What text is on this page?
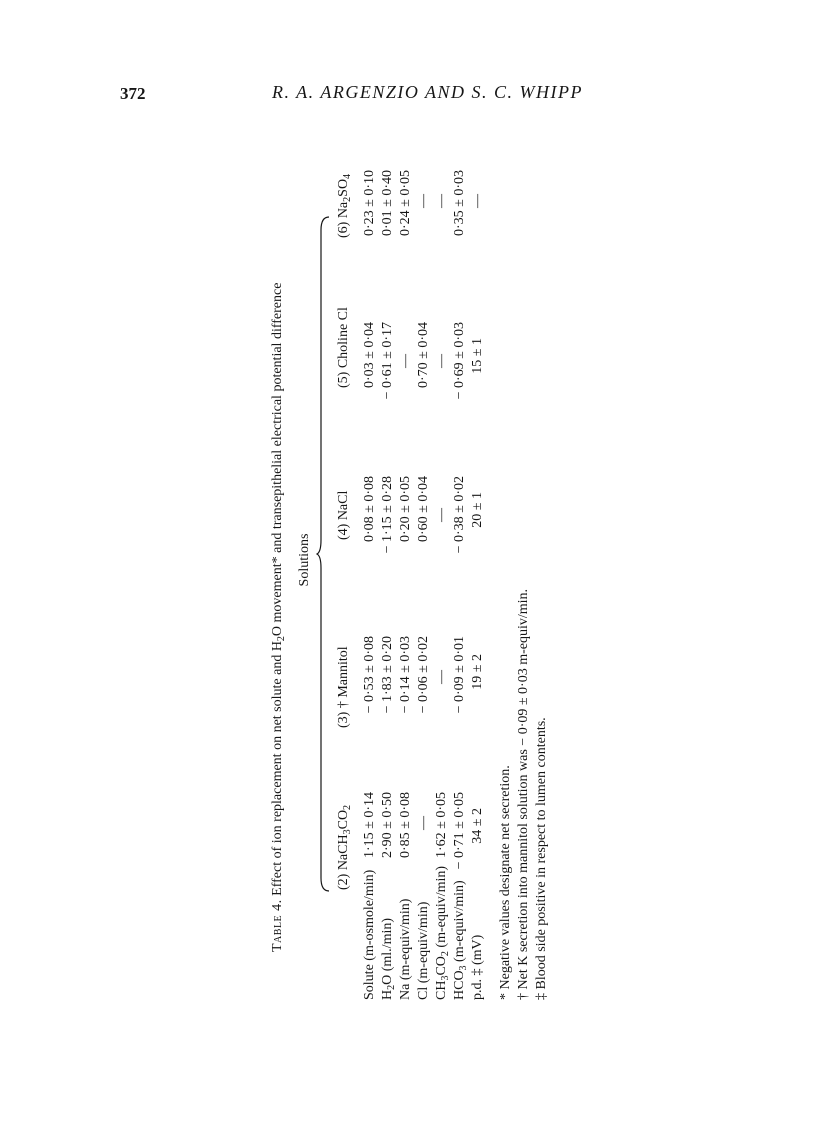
372	R. A. ARGENZIO AND S. C. WHIPP
Table 4. Effect of ion replacement on net solute and $H_2O$ movement* and transepithelial electrical potential difference Solutions
(2) $NaCH_3CO_2$
(3) † Mannitol
(4) NaCl
(5) Choline Cl
(6) $Na_2SO_4$
Solute (m-osmole/min) $H_2O$ (ml./min) Na (m-equiv/min) Cl (m-equiv/min) $CH_3CO_2$ (m-equiv/min)
$HCO_3$ (m-equiv/min)
p.d. ‡ (mV)
1·15 ± 0·14
− 0·53 ± 0·08
0·08 ± 0·08
0·03 ± 0·04
0·23 ± 0·10
2·90 ± 0·50
− 1·83 ± 0·20
− 1·15 ± 0·28
− 0·61 ± 0·17
0·01 ± 0·40
0·85 ± 0·08
− 0·14 ± 0·03
0·20 ± 0·05
—
0·24 ± 0·05
—
− 0·06 ± 0·02
0·60 ± 0·04
0·70 ± 0·04
—
1·62 ± 0·05
—
—
—
—
− 0·71 ± 0·05
− 0·09 ± 0·01
− 0·38 ± 0·02
− 0·69 ± 0·03
0·35 ± 0·03
34 ± 2
19 ± 2
20 ± 1
15 ± 1
—
* Negative values designate net secretion. † Net K secretion into mannitol solution was − 0·09 ± 0·03 m-equiv/min. ‡ Blood side positive in respect to lumen contents.
